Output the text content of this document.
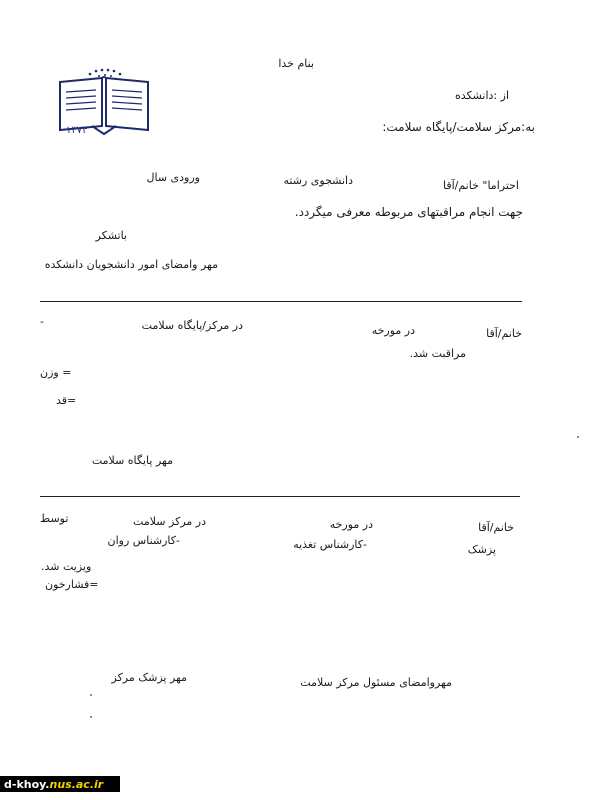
۱۳۷۴
بنام خدا
از :دانشکده
به:مرکز سلامت/پایگاه سلامت:
احتراما" خانم/آقا
دانشجوی رشته
ورودی سال
جهت انجام مراقبتهای مربوطه معرفی میگردد.
باتشکر
مهر وامضای امور دانشجویان دانشکده
خانم/آقا
در مورخه
در مرکز/پایگاه سلامت
-
مراقبت شد.
= وزن
=قد
مهر پایگاه سلامت
خانم/آقا
در مورخه
در مرکز سلامت
توسط
پزشک
-کارشناس تغذیه
-کارشناس روان
ویزیت شد.
=فشارخون
مهروامضای مسئول مرکز سلامت
مهر پزشک مرکز
d-khoy. nus.ac.ir
